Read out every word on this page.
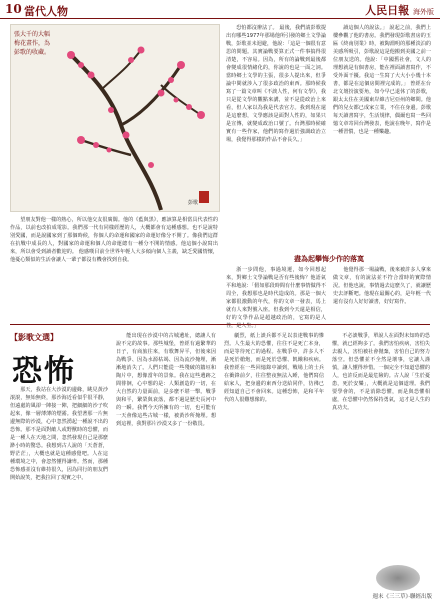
10 當代人物	人民日報 海外版
張大千的大幅梅花畫作，為彭歌的收藏。
彭歌

恐怕都沒辦法了。 最後，我們請彭歌提出有哪些1977年那場他所引發的鄉土文學論戰，彭歌並未迴避，他說：「這是一個很有意思的問題。其實論戰要算正式一件事搞得很清楚，不容易。因為，所有的論戰到最後都會變成很情緒化的，你說的也是一面之詞。當時鄉土文學的主張，很多人提出來，但爭論中間就涉入了很多政治的東西。那時候我寫了一篇文章叫《不談人性，何有文學》，我只是從文學的觀點來講，並不是從政治上來看，但人家以為我是代表官方。我到現在還是這麼想，文學應該是面對人性的，如果只是宣傳，就變成政治口號了。台灣那時候確實有一些作家，他們的寫作過於強調政治立場，我覺得那樣的作品不會長久。」

讀這個人的說法。」 說起之前，我們上樓參觀了他的書房。我們發現彭歌書房的玉匾《終南別業》時，被陶淵明的那種淡泊的美感所吸引，彭歌說這是他搬到美國之前一位朋友送的。他說：「中國舊社會，文人的理想就是有個書房，能在裡面讀書寫作，不受外面干擾。我這一生寫了大大小小幾十本書，都是在這個房間裡完成的。」 曾經在台北文壇扮演要角，如今早已退休了的彭歌，跟太太住在美國東岸維吉尼亞州的鄉間。他們的兒女都已成家立業，不住在身邊。彭歌每天讀書寫字，生活規律，偶爾也寫一些回憶文章寄回台灣發表，他說在晚年，寫作是一種習慣，也是一種樂趣。

望朋友對他一樣的熱心，所以他交友很廣闊。他的《藍與黑》，應該算是相當具代表性的作品，以前也改拍成電影。我們那一代有同樣經歷的人，大概都會有這種感想。也不是說特別愛國，而是說國家到了那個時候，你個人的命運和國家的命運好像分不開了。像我們這群在抗戰中成長的人，對國家的命運和個人的命運總有一種分不開的情感。他這個小說寫出來，所以會受到讀者歡迎的。 他感嘆目前全世界年輕人大多傾向個人主義，缺乏愛國情懷，他憂心類似的生活會讓人一輩子都沒有機會找到自我。	盡為起攀悔少作的落寞

浙一步問他，事過境遷，如今回想起來，對鄉土文學論戰是否有些後悔？他語氣平和地說：「假如那段時間有什麼事情做得不周全，我想那也是時代造成的。那是一個大家都很激動的年代，你的文章一發表，馬上就有人來對號入座。但我到今天還是相信，好的文學作品是超越政治的，它寫的是人性，是人生。」

他覺得那一場論戰，後來被許多人拿來做文章，有的說法並不符合當時的實際情況。但他也說，事情過去這麼久了，就讓歷史去評斷吧。他現在最關心的，是年輕一代還有沒有人好好讀書，好好寫作。

【影歌文選】
恐怖

那天，我站在大沙漠的邊緣，眺見黃沙滾滾，無始無終，那沙海近看似乎很平靜，但遠處的風卻一陣接一陣，把細細的沙子吹起來，像一層薄薄的煙霧。我望著那一片無邊無際的沙漠，心中忽然湧起一種說不出的恐怖。那不是面對敵人或野獸時的恐懼，而是一種人在天地之間，忽然發現自己是那麼渺小時的驚恐。我想到古人說的「天蒼蒼，野茫茫」，大概也就是這種感覺吧。人在這種環境之中，會忽然懂得謙卑。然而，那種恐怖感並沒有維持很久，因為同行的朋友們開始說笑，把我拉回了現實之中。

能出現在沙漠中的古城遺址，總讓人有說不完的故事。那些城堡，曾經有過繁華的日子，有商旅往來，有歌舞昇平，但後來因為戰爭、因為水源枯竭、因為流沙掩埋，漸漸地消失了。人們只能從一些殘破的牆垣和陶片中，想像當年的景象。我在這些遺跡之間徘徊，心中想的是：人類創造的一切，在大自然的力量面前，是多麼不堪一擊。戰爭與和平，繁榮與衰落，都不過是歷史長河中的一瞬。我們今天所擁有的一切，也可能有一天會像這些古城一樣，被黃沙所掩埋。想到這裡，我對那片沙漠又多了一份敬畏。

劇烈，紙上談兵都不足以表達戰事的慘烈。人生最大的恐懼，往往不是死亡本身，而是等待死亡的過程。在戰爭中，許多人不是死於槍炮，而是死於恐懼、飢餓和疾病。我曾經在一些回憶錄中讀到，戰場上的士兵在衝鋒前夕，往往整夜無法入睡，他們寫信給家人，把身邊的東西分送給同伴，彷彿已經知道自己不會回來。這種恐怖，是和平年代的人很難想像的。

不必談戰爭，單說人在面對未知時的恐懼，就已經夠多了。我們害怕疾病，害怕失去親人，害怕被社會拋棄，害怕自己的努力落空。但恐懼並不全然是壞事，它讓人謹慎，讓人懂得珍惜。一個完全不知道恐懼的人，也許反而是最危險的。古人說「生於憂患，死於安樂」，大概就是這個道理。我們要學會的，不是消除恐懼，而是與恐懼相處，在恐懼中仍然保持勇氣，這才是人生的真功夫。

週末《三三草》‧聯經出版
